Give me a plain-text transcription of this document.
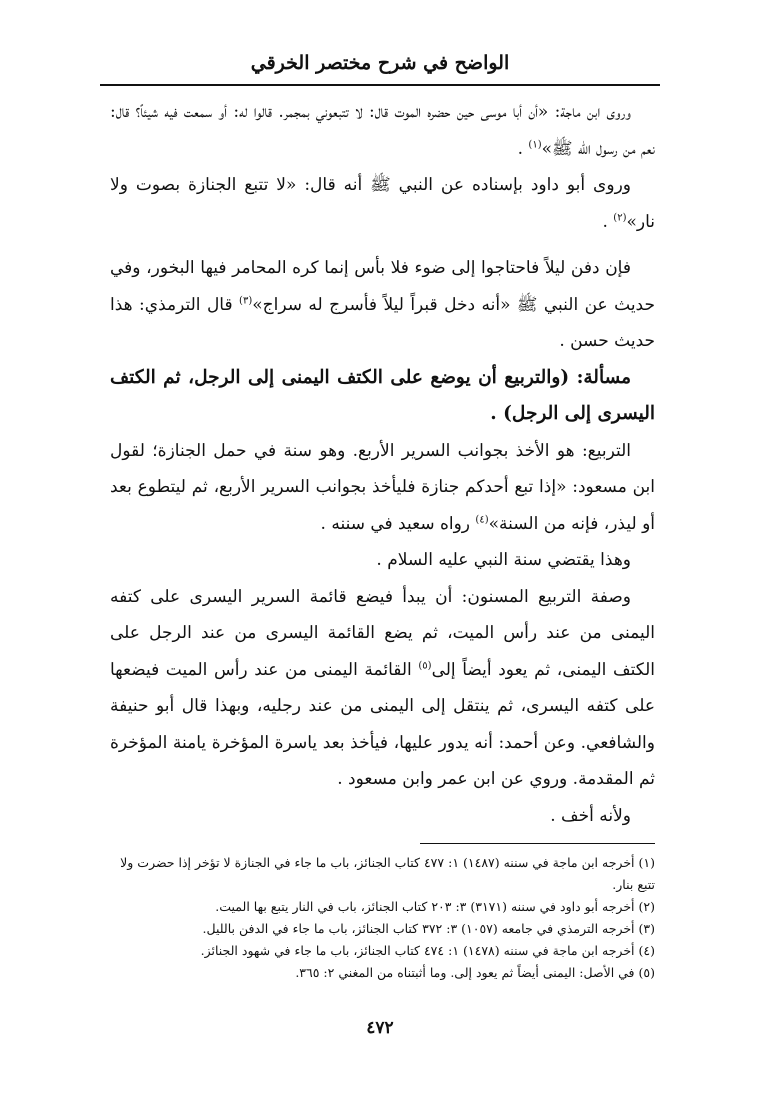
الواضح في شرح مختصر الخرقي

وروى ابن ماجة: «أن أبا موسى حين حضره الموت قال: لا تتبعوني بمجمر. قالوا له: أو سمعت فيه شيئاً؟ قال: نعم من رسول الله ﷺ»$^{(١)}$ .

وروى أبو داود بإسناده عن النبي ﷺ أنه قال: «لا تتبع الجنازة بصوت ولا نار»$^{(٢)}$ .

فإن دفن ليلاً فاحتاجوا إلى ضوء فلا بأس إنما كره المحامر فيها البخور، وفي حديث عن النبي ﷺ «أنه دخل قبراً ليلاً فأسرج له سراج»$^{(٣)}$ قال الترمذي: هذا حديث حسن .

مسألة: (والتربيع أن يوضع على الكتف اليمنى إلى الرجل، ثم الكتف اليسرى إلى الرجل) .

التربيع: هو الأخذ بجوانب السرير الأربع. وهو سنة في حمل الجنازة؛ لقول ابن مسعود: «إذا تبع أحدكم جنازة فليأخذ بجوانب السرير الأربع، ثم ليتطوع بعد أو ليذر، فإنه من السنة»$^{(٤)}$ رواه سعيد في سننه .

وهذا يقتضي سنة النبي عليه السلام .

وصفة التربيع المسنون: أن يبدأ فيضع قائمة السرير اليسرى على كتفه اليمنى من عند رأس الميت، ثم يضع القائمة اليسرى من عند الرجل على الكتف اليمنى، ثم يعود أيضاً إلى$^{(٥)}$ القائمة اليمنى من عند رأس الميت فيضعها على كتفه اليسرى، ثم ينتقل إلى اليمنى من عند رجليه، وبهذا قال أبو حنيفة والشافعي. وعن أحمد: أنه يدور عليها، فيأخذ بعد ياسرة المؤخرة يامنة المؤخرة ثم المقدمة. وروي عن ابن عمر وابن مسعود .

ولأنه أخف .

(١) أخرجه ابن ماجة في سننه (١٤٨٧) ١: ٤٧٧ كتاب الجنائز، باب ما جاء في الجنازة لا تؤخر إذا حضرت ولا تتبع بنار.

(٢) أخرجه أبو داود في سننه (٣١٧١) ٣: ٢٠٣ كتاب الجنائز، باب في النار يتبع بها الميت.

(٣) أخرجه الترمذي في جامعه (١٠٥٧) ٣: ٣٧٢ كتاب الجنائز، باب ما جاء في الدفن بالليل.

(٤) أخرجه ابن ماجة في سننه (١٤٧٨) ١: ٤٧٤ كتاب الجنائز، باب ما جاء في شهود الجنائز.

(٥) في الأصل: اليمنى أيضاً ثم يعود إلى. وما أثبتناه من المغني ٢: ٣٦٥.

٤٧٢
